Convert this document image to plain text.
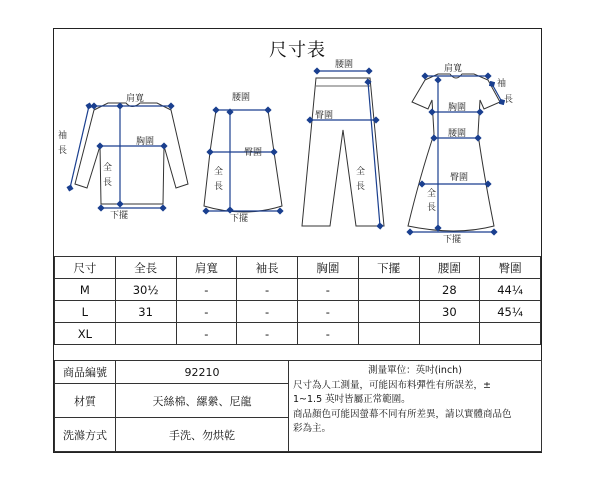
尺寸表
肩寬
袖
長
胸圍
全
長
下擺
腰圍
臀圍
全
長
下擺
腰圍
臀圍
全
長
肩寬
袖
長
胸圍
腰圍
臀圍
全
長
下擺
尺寸	全長	肩寬	袖長	胸圍	下擺	腰圍	臀圍
M	30½	-	-	-		28	44¼
L	31	-	-	-		30	45¼
XL		-	-	-			
商品編號	92210	測量單位：英吋(inch)
尺寸為人工測量，可能因布料彈性有所誤差，±
1~1.5 英吋皆屬正常範圍。
商品顏色可能因螢幕不同有所差異，請以實體商品色
彩為主。

材質	天絲棉、縲縈、尼龍	
洗滌方式	手洗、勿烘乾	
